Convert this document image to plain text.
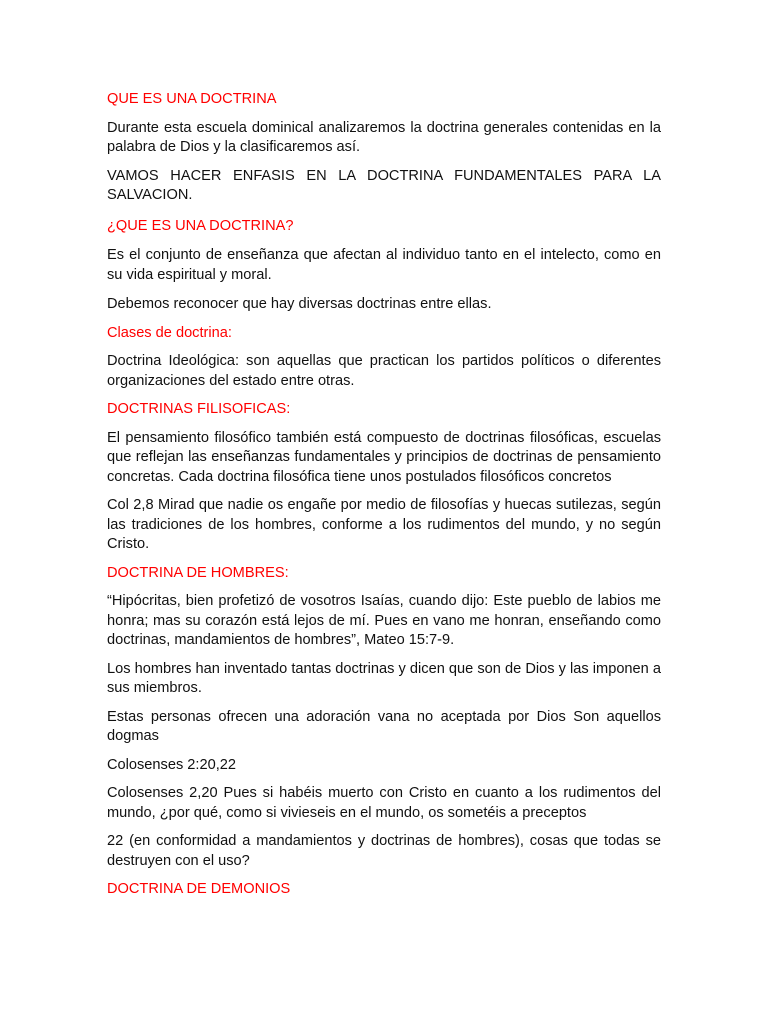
QUE ES UNA DOCTRINA

Durante esta escuela dominical analizaremos la doctrina generales contenidas en la palabra de Dios y la clasificaremos así.

VAMOS HACER ENFASIS EN LA DOCTRINA FUNDAMENTALES PARA LA SALVACION.

¿QUE ES UNA DOCTRINA?

Es el conjunto de enseñanza que afectan al individuo tanto en el intelecto, como en su vida espiritual y moral.

Debemos reconocer que hay diversas doctrinas entre ellas.

Clases de doctrina:

Doctrina Ideológica: son aquellas que practican los partidos políticos o diferentes organizaciones del estado entre otras.

DOCTRINAS FILISOFICAS:

El pensamiento filosófico también está compuesto de doctrinas filosóficas, escuelas que reflejan las enseñanzas fundamentales y principios de doctrinas de pensamiento concretas. Cada doctrina filosófica tiene unos postulados filosóficos concretos

Col 2,8 Mirad que nadie os engañe por medio de filosofías y huecas sutilezas, según las tradiciones de los hombres, conforme a los rudimentos del mundo, y no según Cristo.

DOCTRINA DE HOMBRES:

“Hipócritas, bien profetizó de vosotros Isaías, cuando dijo: Este pueblo de labios me honra; mas su corazón está lejos de mí. Pues en vano me honran, enseñando como doctrinas, mandamientos de hombres”, Mateo 15:7-9.

Los hombres han inventado tantas doctrinas y dicen que son de Dios y las imponen a sus miembros.

Estas personas ofrecen una adoración vana no aceptada por Dios Son aquellos dogmas

Colosenses 2:20,22

Colosenses 2,20 Pues si habéis muerto con Cristo en cuanto a los rudimentos del mundo, ¿por qué, como si vivieseis en el mundo, os sometéis a preceptos

22 (en conformidad a mandamientos y doctrinas de hombres), cosas que todas se destruyen con el uso?

DOCTRINA DE DEMONIOS
